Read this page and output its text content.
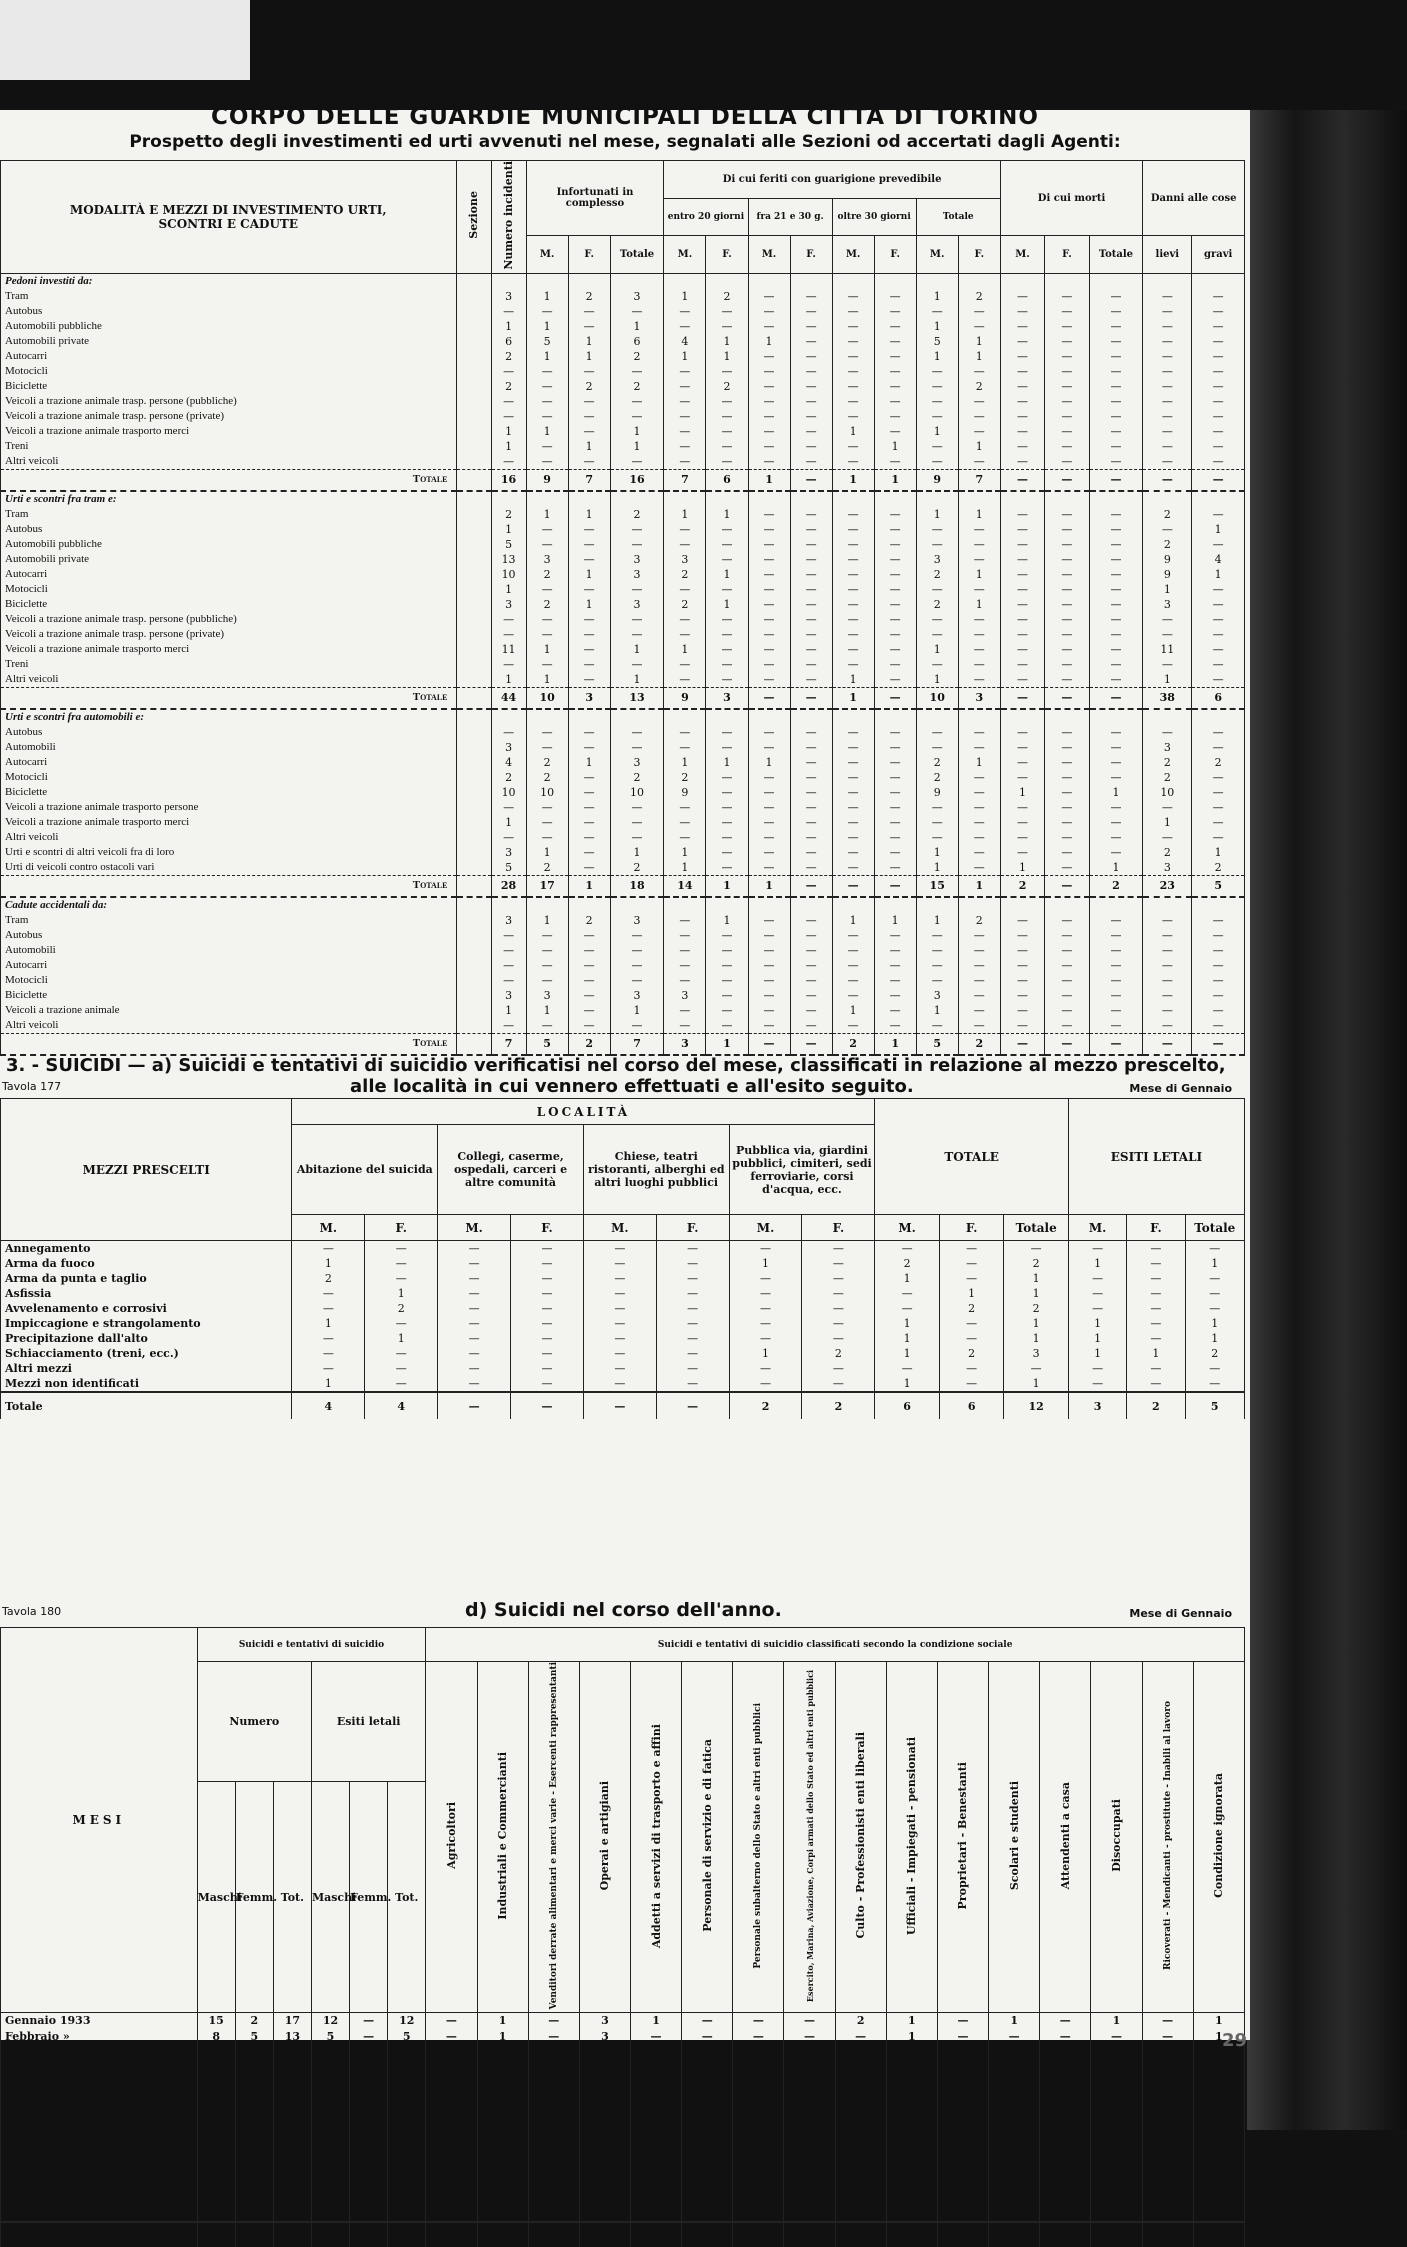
CORPO DELLE GUARDIE MUNICIPALI DELLA CITTÀ DI TORINO
Prospetto degli investimenti ed urti avvenuti nel mese, segnalati alle Sezioni od accertati dagli Agenti:
MODALITÀ E MEZZI DI INVESTIMENTO URTI, SCONTRI E CADUTE	Sezione	Numero incidenti	Infortunati in complesso			Di cui feriti con guarigione prevedibile								Di cui morti			Danni alle cose	
						entro 20 giorni		fra 21 e 30 g.		oltre 30 giorni		Totale						
			M.	F.	Totale	M.	F.	M.	F.	M.	F.	M.	F.	M.	F.	Totale	lievi	gravi
Pedoni investiti da:																		
Tram		3	1	2	3	1	2	—	—	—	—	1	2	—	—	—	—	—
Autobus		—	—	—	—	—	—	—	—	—	—	—	—	—	—	—	—	—
Automobili pubbliche		1	1	—	1	—	—	—	—	—	—	1	—	—	—	—	—	—
Automobili private		6	5	1	6	4	1	1	—	—	—	5	1	—	—	—	—	—
Autocarri		2	1	1	2	1	1	—	—	—	—	1	1	—	—	—	—	—
Motocicli		—	—	—	—	—	—	—	—	—	—	—	—	—	—	—	—	—
Biciclette		2	—	2	2	—	2	—	—	—	—	—	2	—	—	—	—	—
Veicoli a trazione animale trasp. persone (pubbliche)		—	—	—	—	—	—	—	—	—	—	—	—	—	—	—	—	—
Veicoli a trazione animale trasp. persone (private)		—	—	—	—	—	—	—	—	—	—	—	—	—	—	—	—	—
Veicoli a trazione animale trasporto merci		1	1	—	1	—	—	—	—	1	—	1	—	—	—	—	—	—
Treni		1	—	1	1	—	—	—	—	—	1	—	1	—	—	—	—	—
Altri veicoli		—	—	—	—	—	—	—	—	—	—	—	—	—	—	—	—	—
Totale		16	9	7	16	7	6	1	—	1	1	9	7	—	—	—	—	—
Urti e scontri fra tram e:																		
Tram		2	1	1	2	1	1	—	—	—	—	1	1	—	—	—	2	—
Autobus		1	—	—	—	—	—	—	—	—	—	—	—	—	—	—	—	1
Automobili pubbliche		5	—	—	—	—	—	—	—	—	—	—	—	—	—	—	2	—
Automobili private		13	3	—	3	3	—	—	—	—	—	3	—	—	—	—	9	4
Autocarri		10	2	1	3	2	1	—	—	—	—	2	1	—	—	—	9	1
Motocicli		1	—	—	—	—	—	—	—	—	—	—	—	—	—	—	1	—
Biciclette		3	2	1	3	2	1	—	—	—	—	2	1	—	—	—	3	—
Veicoli a trazione animale trasp. persone (pubbliche)		—	—	—	—	—	—	—	—	—	—	—	—	—	—	—	—	—
Veicoli a trazione animale trasp. persone (private)		—	—	—	—	—	—	—	—	—	—	—	—	—	—	—	—	—
Veicoli a trazione animale trasporto merci		11	1	—	1	1	—	—	—	—	—	1	—	—	—	—	11	—
Treni		—	—	—	—	—	—	—	—	—	—	—	—	—	—	—	—	—
Altri veicoli		1	1	—	1	—	—	—	—	1	—	1	—	—	—	—	1	—
Totale		44	10	3	13	9	3	—	—	1	—	10	3	—	—	—	38	6
Urti e scontri fra automobili e:																		
Autobus		—	—	—	—	—	—	—	—	—	—	—	—	—	—	—	—	—
Automobili		3	—	—	—	—	—	—	—	—	—	—	—	—	—	—	3	—
Autocarri		4	2	1	3	1	1	1	—	—	—	2	1	—	—	—	2	2
Motocicli		2	2	—	2	2	—	—	—	—	—	2	—	—	—	—	2	—
Biciclette		10	10	—	10	9	—	—	—	—	—	9	—	1	—	1	10	—
Veicoli a trazione animale trasporto persone		—	—	—	—	—	—	—	—	—	—	—	—	—	—	—	—	—
Veicoli a trazione animale trasporto merci		1	—	—	—	—	—	—	—	—	—	—	—	—	—	—	1	—
Altri veicoli		—	—	—	—	—	—	—	—	—	—	—	—	—	—	—	—	—
Urti e scontri di altri veicoli fra di loro		3	1	—	1	1	—	—	—	—	—	1	—	—	—	—	2	1
Urti di veicoli contro ostacoli vari		5	2	—	2	1	—	—	—	—	—	1	—	1	—	1	3	2
Totale		28	17	1	18	14	1	1	—	—	—	15	1	2	—	2	23	5
Cadute accidentali da:																		
Tram		3	1	2	3	—	1	—	—	1	1	1	2	—	—	—	—	—
Autobus		—	—	—	—	—	—	—	—	—	—	—	—	—	—	—	—	—
Automobili		—	—	—	—	—	—	—	—	—	—	—	—	—	—	—	—	—
Autocarri		—	—	—	—	—	—	—	—	—	—	—	—	—	—	—	—	—
Motocicli		—	—	—	—	—	—	—	—	—	—	—	—	—	—	—	—	—
Biciclette		3	3	—	3	3	—	—	—	—	—	3	—	—	—	—	—	—
Veicoli a trazione animale		1	1	—	1	—	—	—	—	1	—	1	—	—	—	—	—	—
Altri veicoli		—	—	—	—	—	—	—	—	—	—	—	—	—	—	—	—	—
Totale		7	5	2	7	3	1	—	—	2	1	5	2	—	—	—	—	—
3. - SUICIDI — a) Suicidi e tentativi di suicidio verificatisi nel corso del mese, classificati in relazione al mezzo prescelto,
Tavola 177	alle località in cui vennero effettuati e all'esito seguito.	Mese di Gennaio
MEZZI PRESCELTI	LOCALITÀ								TOTALE			ESITI LETALI		
	Abitazione del suicida		Collegi, caserme, ospedali, carceri e altre comunità		Chiese, teatri ristoranti, alberghi ed altri luoghi pubblici		Pubblica via, giardini pubblici, cimiteri, sedi ferroviarie, corsi d'acqua, ecc.							
	M.	F.	M.	F.	M.	F.	M.	F.	M.	F.	Totale	M.	F.	Totale
Annegamento	—	—	—	—	—	—	—	—	—	—	—	—	—	—
Arma da fuoco	1	—	—	—	—	—	1	—	2	—	2	1	—	1
Arma da punta e taglio	2	—	—	—	—	—	—	—	1	—	1	—	—	—
Asfissia	—	1	—	—	—	—	—	—	—	1	1	—	—	—
Avvelenamento e corrosivi	—	2	—	—	—	—	—	—	—	2	2	—	—	—
Impiccagione e strangolamento	1	—	—	—	—	—	—	—	1	—	1	1	—	1
Precipitazione dall'alto	—	1	—	—	—	—	—	—	1	—	1	1	—	1
Schiacciamento (treni, ecc.)	—	—	—	—	—	—	1	2	1	2	3	1	1	2
Altri mezzi	—	—	—	—	—	—	—	—	—	—	—	—	—	—
Mezzi non identificati	1	—	—	—	—	—	—	—	1	—	1	—	—	—
Totale	4	4	—	—	—	—	2	2	6	6	12	3	2	5
Tavola 180	d) Suicidi nel corso dell'anno.	Mese di Gennaio
MESI	Suicidi e tentativi di suicidio						Suicidi e tentativi di suicidio classificati secondo la condizione sociale															
	Numero			Esiti letali			Agricoltori	Industriali e Commercianti	Venditori derrate alimentari e merci varie - Esercenti rappresentanti	Operai e artigiani	Addetti a servizi di trasporto e affini	Personale di servizio e di fatica	Personale subalterno dello Stato e altri enti pubblici	Esercito, Marina, Aviazione, Corpi armati dello Stato ed altri enti pubblici	Culto - Professionisti enti liberali	Ufficiali - Impiegati - pensionati	Proprietari - Benestanti	Scolari e studenti	Attendenti a casa	Disoccupati	Ricoverati - Mendicanti - prostitute - Inabili al lavoro	Condizione ignorata
	Maschi	Femm.	Tot.	Maschi	Femm.	Tot.																
Gennaio 1933	15	2	17	12	—	12	—	1	—	3	1	—	—	—	2	1	—	1	—	1	—	1
Febbraio »	8	5	13	5	—	5	—	1	—	3	—	—	—	—	—	1	—	—	—	—	—	1
Marzo »	9	6	15	8	—	8	—	—	—	5	—	—	—	—	1	—	—	—	—	—	—	1
Aprile »	16	1	17	10	1	11	—	—	—	10	2	—	—	—	—	—	—	—	—	—	—	—
Maggio »	12	5	17	8	—	8	—	—	—	1	—	—	—	—	1	—	—	—	—	—	—	—
Giugno »	9	7	16	2	—	2	—	—	—	5	—	—	—	—	1	—	—	—	—	—	—	—
Luglio »	9	4	13	5	—	5	—	—	—	7	—	—	—	—	—	—	—	—	—	—	—	—
Agosto »	11	3	14	7	—	7	—	—	—	6	—	—	—	—	—	—	—	—	—	—	—	1
Settembre »	8	2	10	6	—	6	—	—	—	5	—	—	—	—	—	—	—	—	—	—	—	—
Ottobre »	8	3	11	3	—	3	—	—	—	6	—	—	—	—	—	—	—	—	—	—	—	—
Novembre »	9	5	14	5	—	5	—	—	—	8	—	—	—	—	—	—	—	—	—	—	—	—
Dicembre »	7	6	13	6	—	6	—	—	—	4	—	—	—	—	—	—	—	—	—	—	—	—
Gennaio 1934	6	6	12	3	2	5	—	—	—	7	—	—	—	—	—	—	—	—	—	—	—	1
Totale 1934	6	6	12	3	2	5	—	—	—	7	—	—	—	—	—	—	—	—	—	—	—	1
29
